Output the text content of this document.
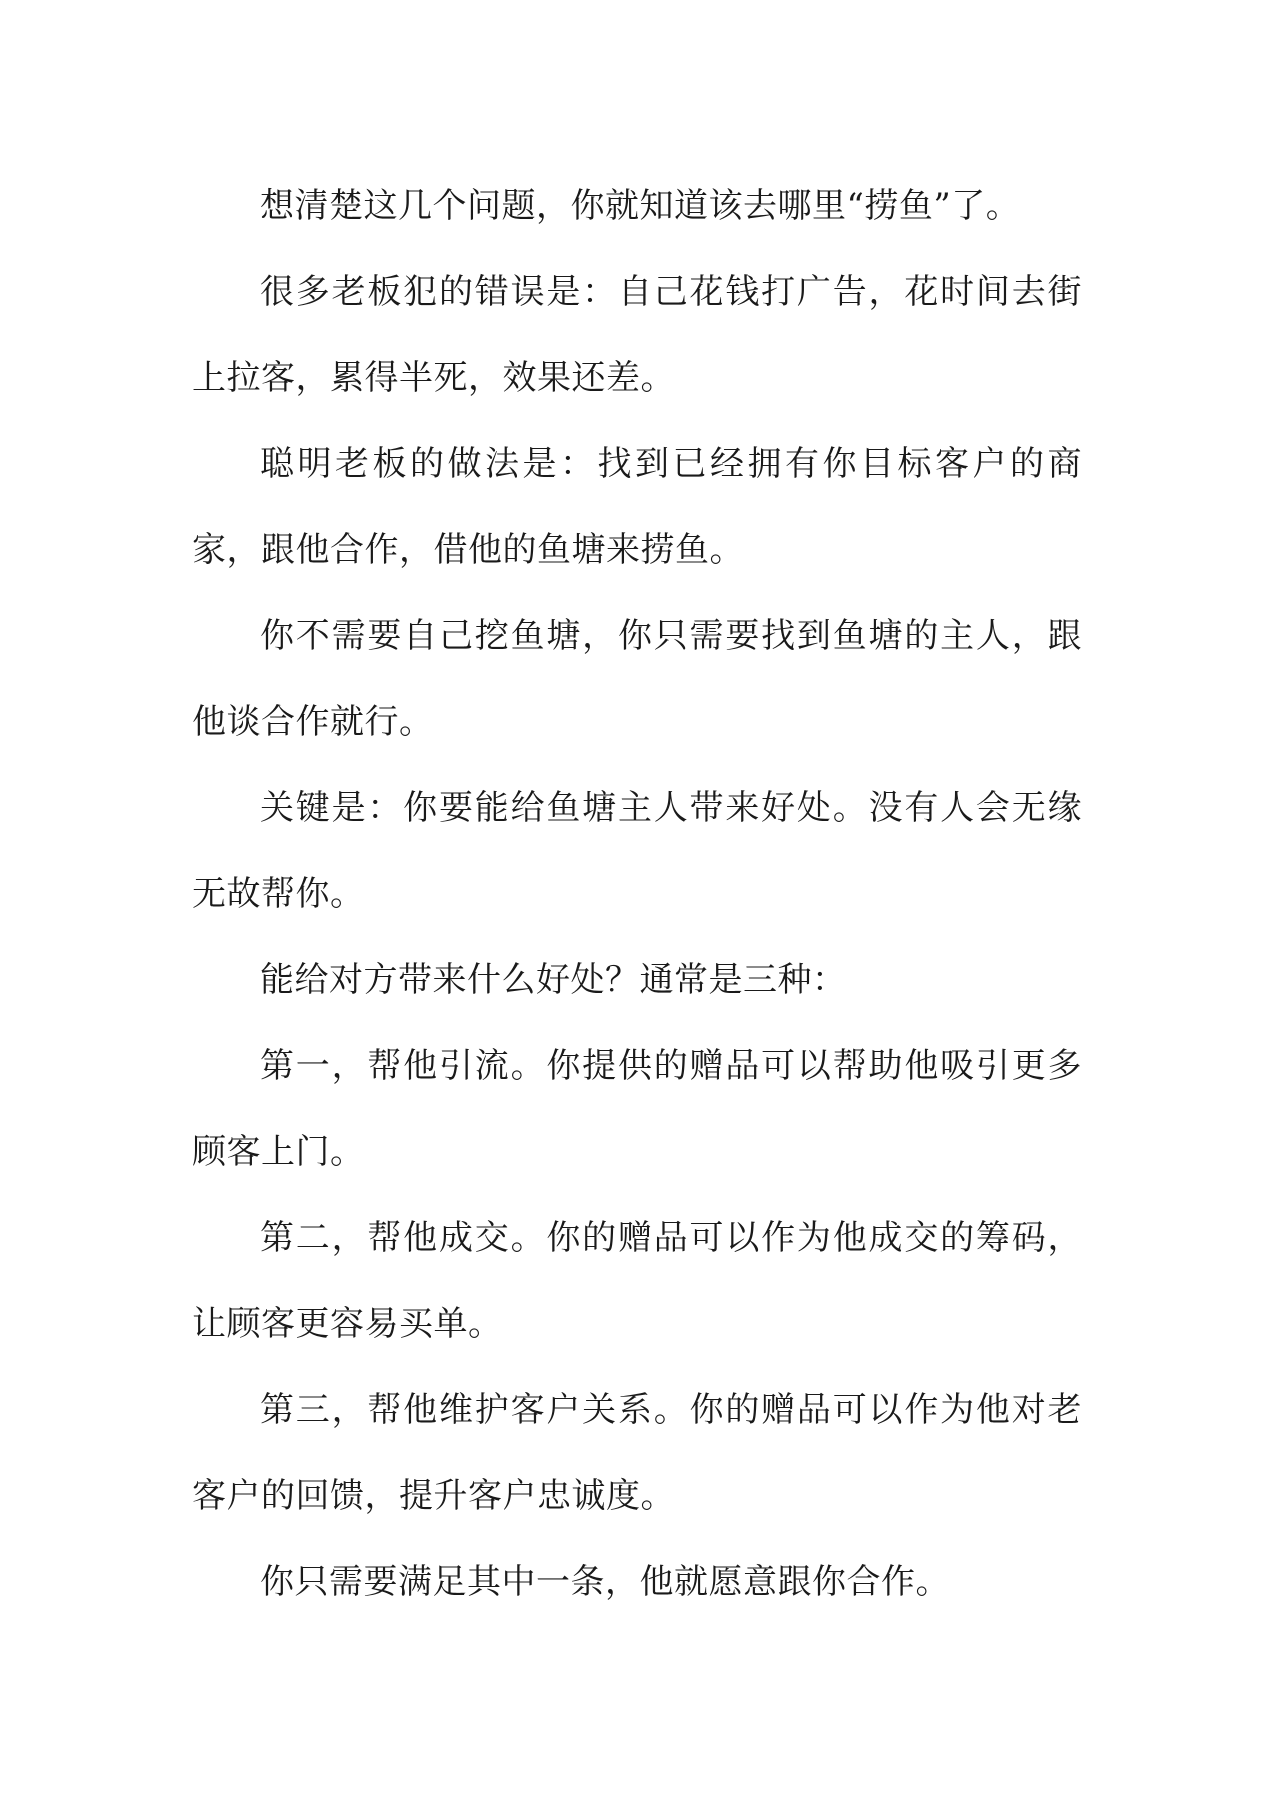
想清楚这几个问题，你就知道该去哪里“捞鱼”了。

很多老板犯的错误是：自己花钱打广告，花时间去街上拉客，累得半死，效果还差。

聪明老板的做法是：找到已经拥有你目标客户的商家，跟他合作，借他的鱼塘来捞鱼。

你不需要自己挖鱼塘，你只需要找到鱼塘的主人，跟他谈合作就行。

关键是：你要能给鱼塘主人带来好处。没有人会无缘无故帮你。

能给对方带来什么好处？通常是三种：

第一，帮他引流。你提供的赠品可以帮助他吸引更多顾客上门。

第二，帮他成交。你的赠品可以作为他成交的筹码，让顾客更容易买单。

第三，帮他维护客户关系。你的赠品可以作为他对老客户的回馈，提升客户忠诚度。

你只需要满足其中一条，他就愿意跟你合作。
